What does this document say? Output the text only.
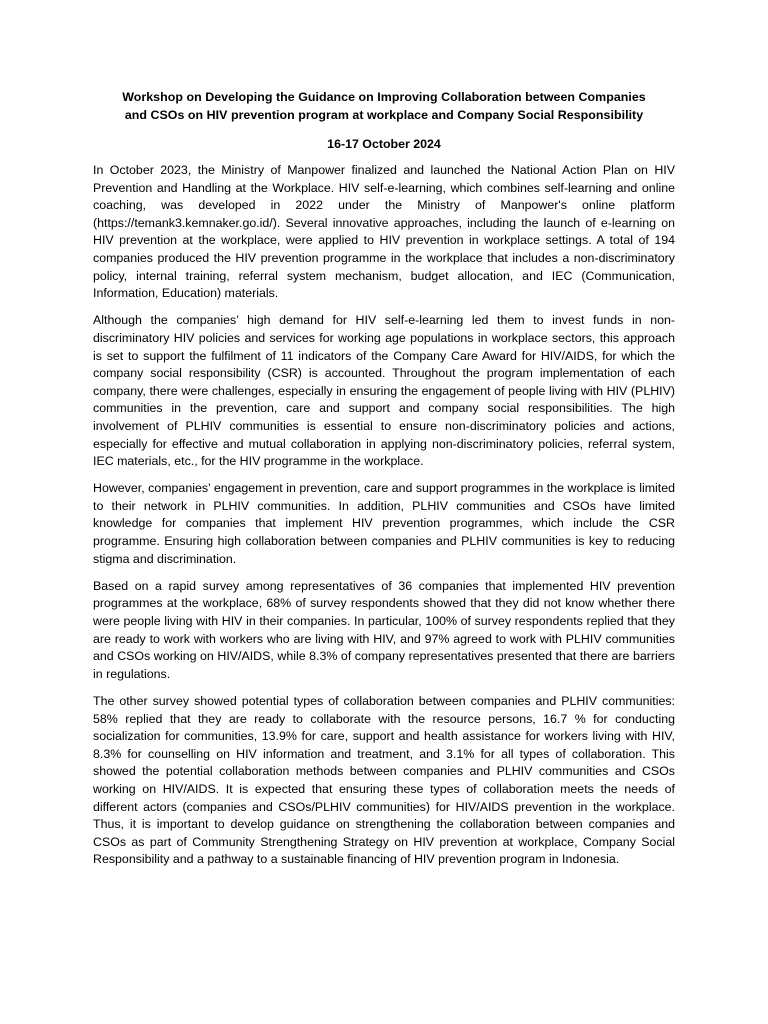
Workshop on Developing the Guidance on Improving Collaboration between Companies
and CSOs on HIV prevention program at workplace and Company Social Responsibility

16-17 October 2024

In October 2023, the Ministry of Manpower finalized and launched the National Action Plan on HIV Prevention and Handling at the Workplace. HIV self-e-learning, which combines self-learning and online coaching, was developed in 2022 under the Ministry of Manpower's online platform (https://temank3.kemnaker.go.id/). Several innovative approaches, including the launch of e-learning on HIV prevention at the workplace, were applied to HIV prevention in workplace settings. A total of 194 companies produced the HIV prevention programme in the workplace that includes a non-discriminatory policy, internal training, referral system mechanism, budget allocation, and IEC (Communication, Information, Education) materials.

Although the companies’ high demand for HIV self-e-learning led them to invest funds in non-discriminatory HIV policies and services for working age populations in workplace sectors, this approach is set to support the fulfilment of 11 indicators of the Company Care Award for HIV/AIDS, for which the company social responsibility (CSR) is accounted. Throughout the program implementation of each company, there were challenges, especially in ensuring the engagement of people living with HIV (PLHIV) communities in the prevention, care and support and company social responsibilities. The high involvement of PLHIV communities is essential to ensure non-discriminatory policies and actions, especially for effective and mutual collaboration in applying non-discriminatory policies, referral system, IEC materials, etc., for the HIV programme in the workplace.

However, companies’ engagement in prevention, care and support programmes in the workplace is limited to their network in PLHIV communities. In addition, PLHIV communities and CSOs have limited knowledge for companies that implement HIV prevention programmes, which include the CSR programme. Ensuring high collaboration between companies and PLHIV communities is key to reducing stigma and discrimination.

Based on a rapid survey among representatives of 36 companies that implemented HIV prevention programmes at the workplace, 68% of survey respondents showed that they did not know whether there were people living with HIV in their companies. In particular, 100% of survey respondents replied that they are ready to work with workers who are living with HIV, and 97% agreed to work with PLHIV communities and CSOs working on HIV/AIDS, while 8.3% of company representatives presented that there are barriers in regulations.

The other survey showed potential types of collaboration between companies and PLHIV communities: 58% replied that they are ready to collaborate with the resource persons, 16.7 % for conducting socialization for communities, 13.9% for care, support and health assistance for workers living with HIV, 8.3% for counselling on HIV information and treatment, and 3.1% for all types of collaboration. This showed the potential collaboration methods between companies and PLHIV communities and CSOs working on HIV/AIDS. It is expected that ensuring these types of collaboration meets the needs of different actors (companies and CSOs/PLHIV communities) for HIV/AIDS prevention in the workplace. Thus, it is important to develop guidance on strengthening the collaboration between companies and CSOs as part of Community Strengthening Strategy on HIV prevention at workplace, Company Social Responsibility and a pathway to a sustainable financing of HIV prevention program in Indonesia.
